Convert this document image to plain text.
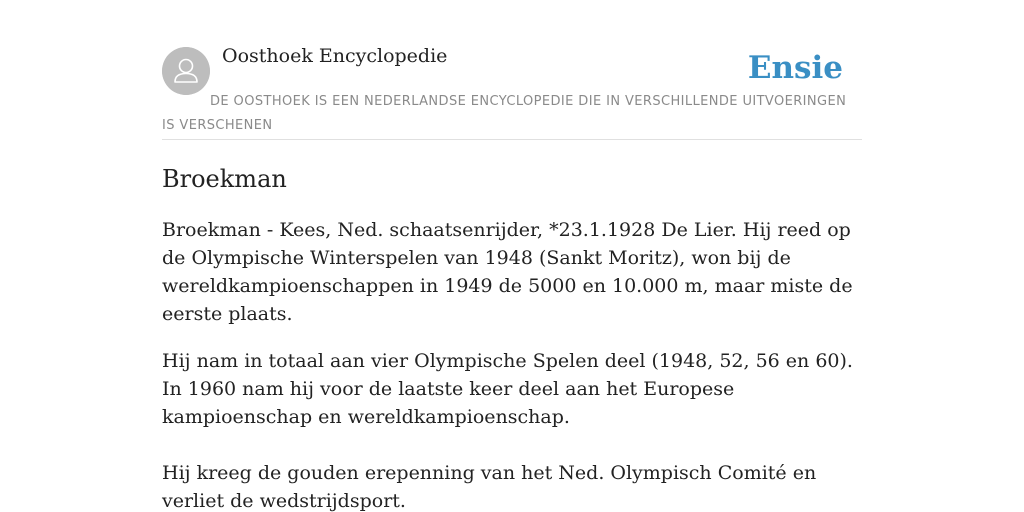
Oosthoek Encyclopedie	Ensie
DE OOSTHOEK IS EEN NEDERLANDSE ENCYCLOPEDIE DIE IN VERSCHILLENDE UITVOERINGEN IS VERSCHENEN
Broekman

Broekman - Kees, Ned. schaatsenrijder, *23.1.1928 De Lier. Hij reed op de Olympische Winterspelen van 1948 (Sankt Moritz), won bij de wereldkampioenschappen in 1949 de 5000 en 10.000 m, maar miste de eerste plaats.

Hij nam in totaal aan vier Olympische Spelen deel (1948, 52, 56 en 60). In 1960 nam hij voor de laatste keer deel aan het Europese kampioenschap en wereldkampioenschap.

Hij kreeg de gouden erepenning van het Ned. Olympisch Comité en verliet de wedstrijdsport.
